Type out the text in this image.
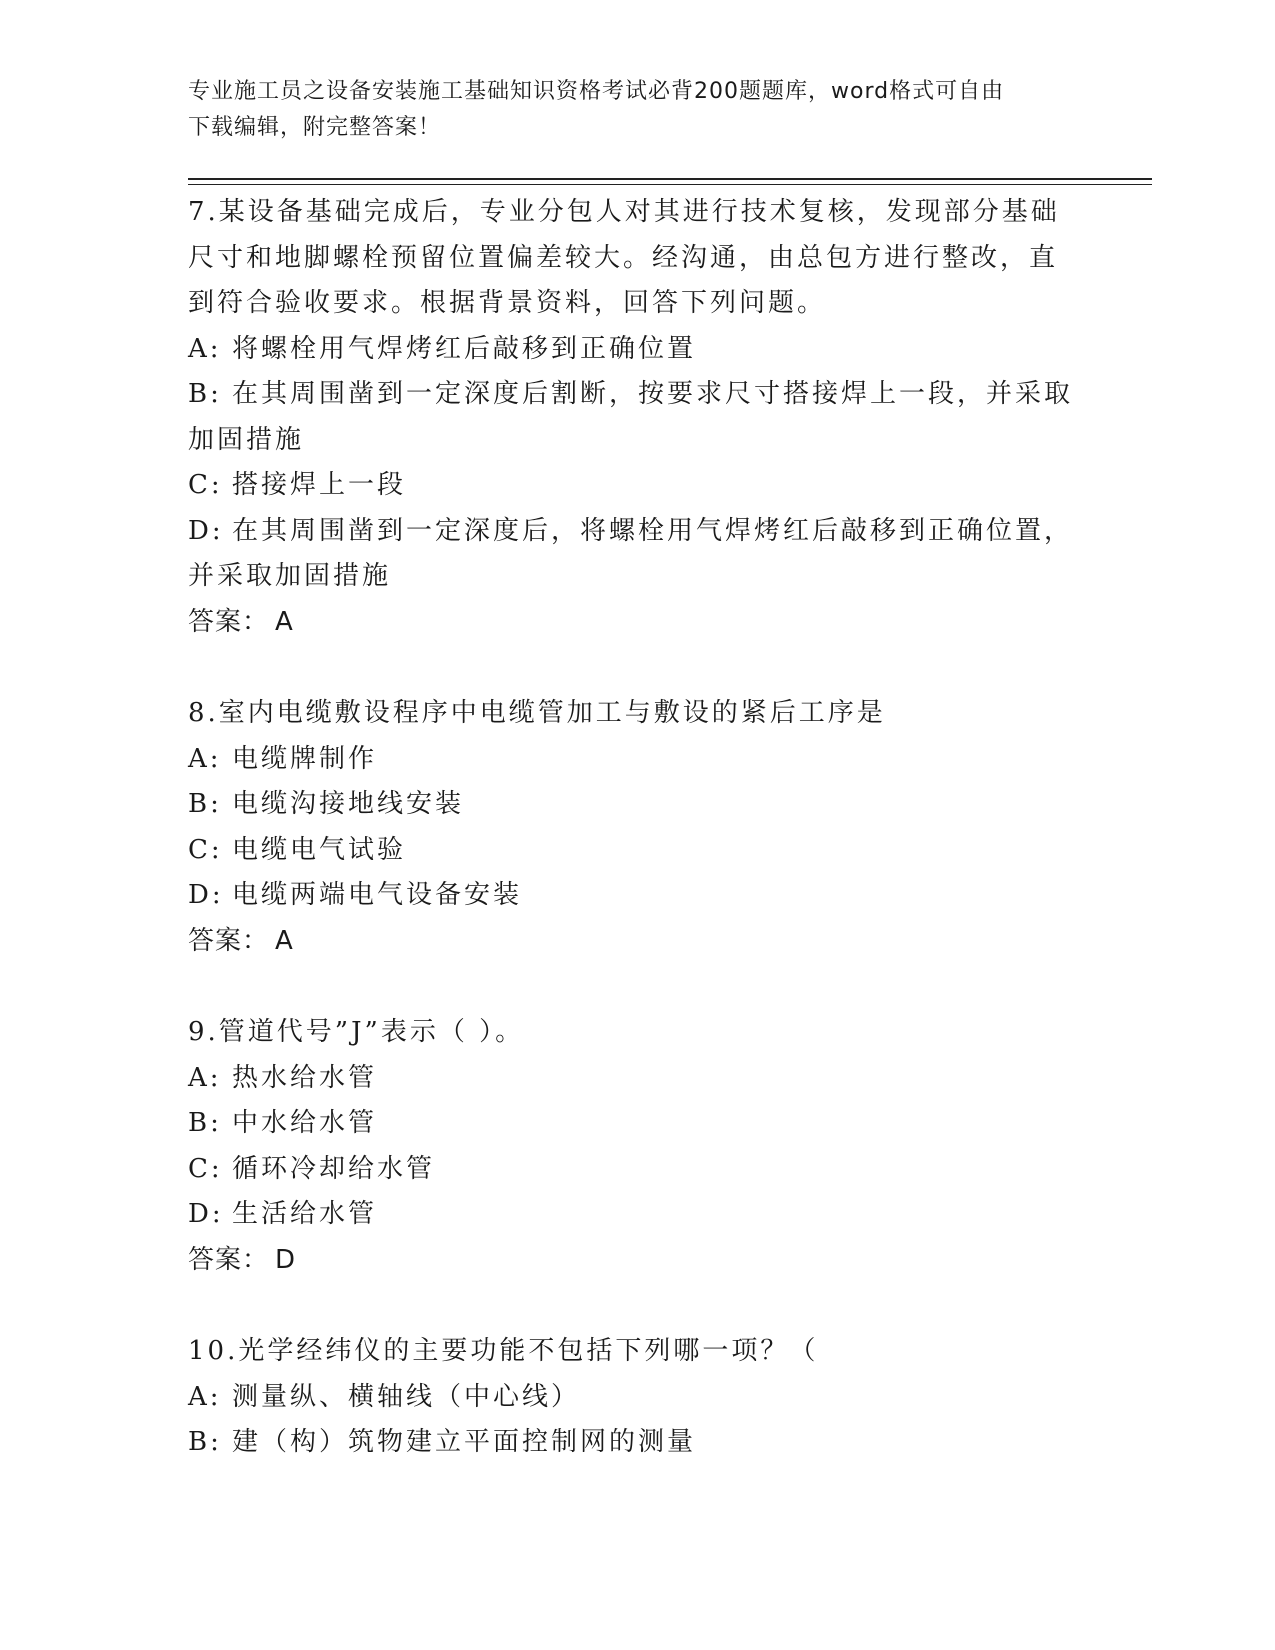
专业施工员之设备安装施工基础知识资格考试必背200题题库，word格式可自由
下载编辑，附完整答案！
7.某设备基础完成后，专业分包人对其进行技术复核，发现部分基础
尺寸和地脚螺栓预留位置偏差较大。经沟通，由总包方进行整改，直
到符合验收要求。根据背景资料，回答下列问题。
A: 将螺栓用气焊烤红后敲移到正确位置
B: 在其周围凿到一定深度后割断，按要求尺寸搭接焊上一段，并采取
加固措施
C: 搭接焊上一段
D: 在其周围凿到一定深度后，将螺栓用气焊烤红后敲移到正确位置，
并采取加固措施
答案： A
8.室内电缆敷设程序中电缆管加工与敷设的紧后工序是
A: 电缆牌制作
B: 电缆沟接地线安装
C: 电缆电气试验
D: 电缆两端电气设备安装
答案： A
9.管道代号”J”表示（ ）。
A: 热水给水管
B: 中水给水管
C: 循环冷却给水管
D: 生活给水管
答案： D
10.光学经纬仪的主要功能不包括下列哪一项？（
A: 测量纵、横轴线（中心线）
B: 建（构）筑物建立平面控制网的测量
